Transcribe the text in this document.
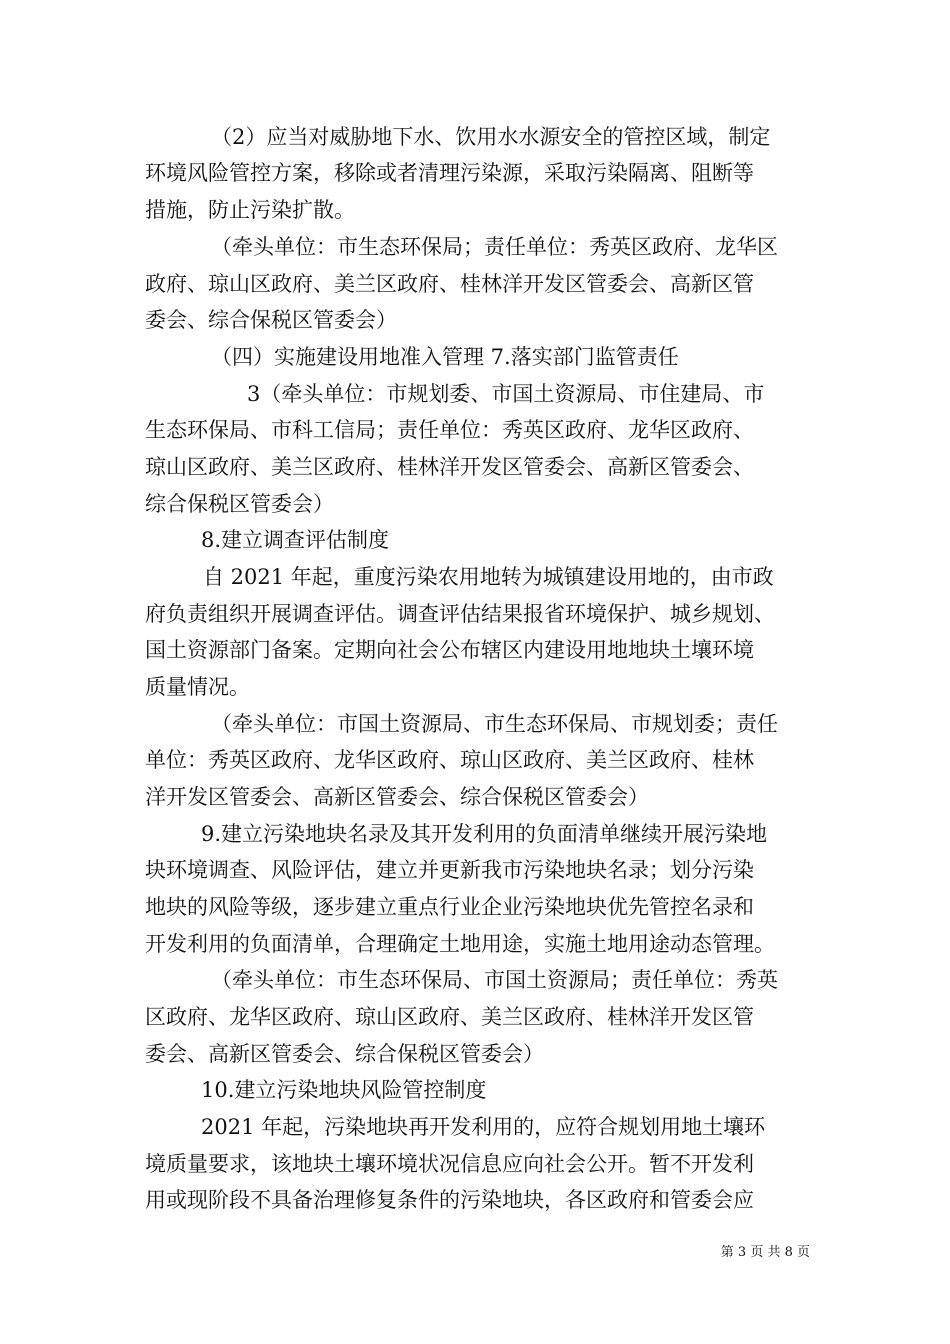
（2）应当对威胁地下水、饮用水水源安全的管控区域，制定
环境风险管控方案，移除或者清理污染源，采取污染隔离、阻断等
措施，防止污染扩散。
（牵头单位：市生态环保局；责任单位：秀英区政府、龙华区
政府、琼山区政府、美兰区政府、桂林洋开发区管委会、高新区管
委会、综合保税区管委会）
（四）实施建设用地准入管理 7.落实部门监管责任
3（牵头单位：市规划委、市国土资源局、市住建局、市
生态环保局、市科工信局；责任单位：秀英区政府、龙华区政府、
琼山区政府、美兰区政府、桂林洋开发区管委会、高新区管委会、
综合保税区管委会）
8.建立调查评估制度
自 2021 年起，重度污染农用地转为城镇建设用地的，由市政
府负责组织开展调查评估。调查评估结果报省环境保护、城乡规划、
国土资源部门备案。定期向社会公布辖区内建设用地地块土壤环境
质量情况。
（牵头单位：市国土资源局、市生态环保局、市规划委；责任
单位：秀英区政府、龙华区政府、琼山区政府、美兰区政府、桂林
洋开发区管委会、高新区管委会、综合保税区管委会）
9.建立污染地块名录及其开发利用的负面清单继续开展污染地
块环境调查、风险评估，建立并更新我市污染地块名录；划分污染
地块的风险等级，逐步建立重点行业企业污染地块优先管控名录和
开发利用的负面清单，合理确定土地用途，实施土地用途动态管理。
（牵头单位：市生态环保局、市国土资源局；责任单位：秀英
区政府、龙华区政府、琼山区政府、美兰区政府、桂林洋开发区管
委会、高新区管委会、综合保税区管委会）
10.建立污染地块风险管控制度
2021 年起，污染地块再开发利用的，应符合规划用地土壤环
境质量要求，该地块土壤环境状况信息应向社会公开。暂不开发利
用或现阶段不具备治理修复条件的污染地块，各区政府和管委会应
第 3 页 共 8 页
